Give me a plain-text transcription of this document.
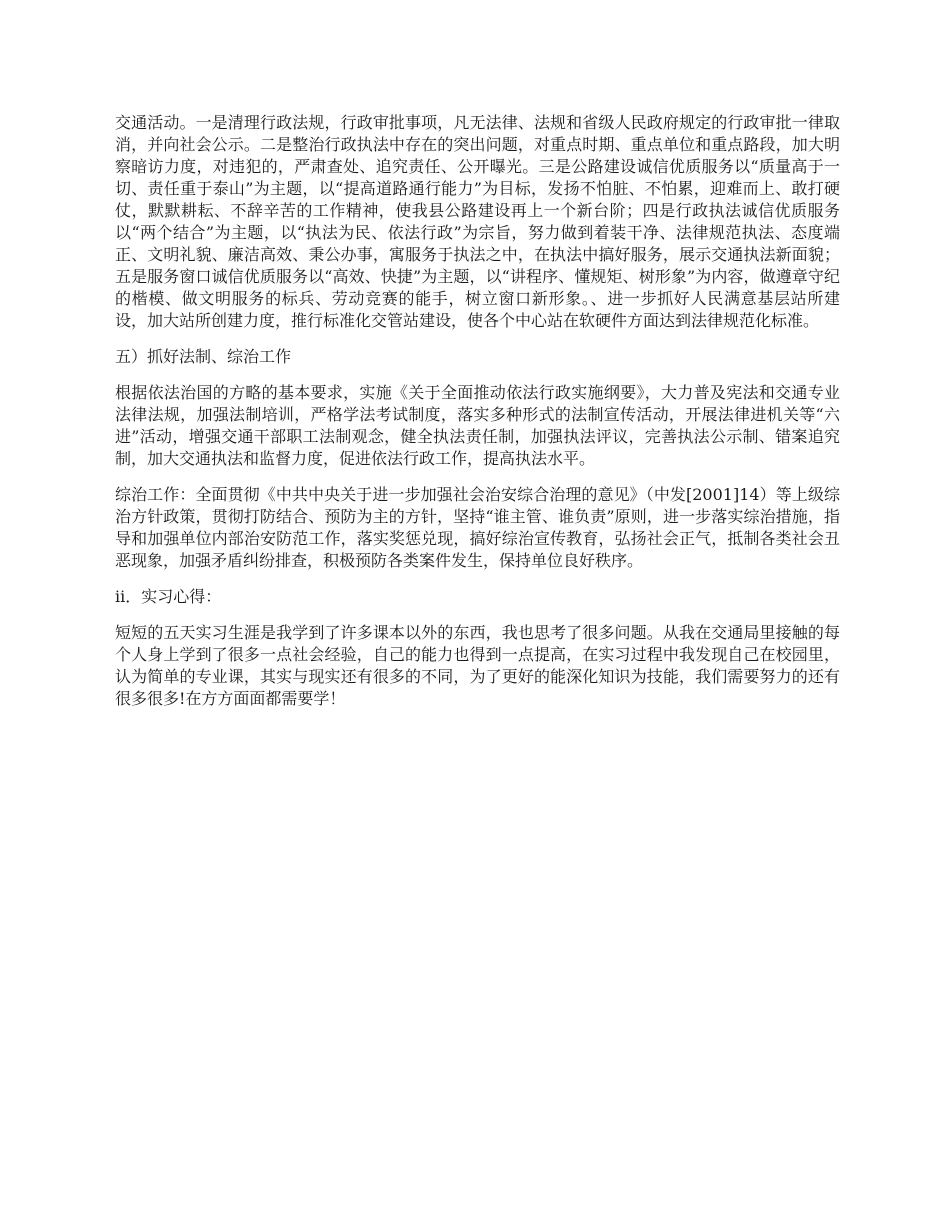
交通活动。一是清理行政法规，行政审批事项，凡无法律、法规和省级人民政府规定的行政审批一律取消，并向社会公示。二是整治行政执法中存在的突出问题，对重点时期、重点单位和重点路段，加大明察暗访力度，对违犯的，严肃查处、追究责任、公开曝光。三是公路建设诚信优质服务以“质量高于一切、责任重于泰山”为主题，以“提高道路通行能力”为目标，发扬不怕脏、不怕累，迎难而上、敢打硬仗，默默耕耘、不辞辛苦的工作精神，使我县公路建设再上一个新台阶；四是行政执法诚信优质服务以“两个结合”为主题，以“执法为民、依法行政”为宗旨，努力做到着装干净、法律规范执法、态度端正、文明礼貌、廉洁高效、秉公办事，寓服务于执法之中，在执法中搞好服务，展示交通执法新面貌；五是服务窗口诚信优质服务以“高效、快捷”为主题，以“讲程序、懂规矩、树形象”为内容，做遵章守纪的楷模、做文明服务的标兵、劳动竞赛的能手，树立窗口新形象。、进一步抓好人民满意基层站所建设，加大站所创建力度，推行标准化交管站建设，使各个中心站在软硬件方面达到法律规范化标准。

五）抓好法制、综治工作

根据依法治国的方略的基本要求，实施《关于全面推动依法行政实施纲要》，大力普及宪法和交通专业法律法规，加强法制培训，严格学法考试制度，落实多种形式的法制宣传活动，开展法律进机关等“六进”活动，增强交通干部职工法制观念，健全执法责任制，加强执法评议，完善执法公示制、错案追究制，加大交通执法和监督力度，促进依法行政工作，提高执法水平。

综治工作：全面贯彻《中共中央关于进一步加强社会治安综合治理的意见》（中发[2001]14）等上级综治方针政策，贯彻打防结合、预防为主的方针，坚持“谁主管、谁负责”原则，进一步落实综治措施，指导和加强单位内部治安防范工作，落实奖惩兑现，搞好综治宣传教育，弘扬社会正气，抵制各类社会丑恶现象，加强矛盾纠纷排查，积极预防各类案件发生，保持单位良好秩序。

ii．实习心得：

短短的五天实习生涯是我学到了许多课本以外的东西，我也思考了很多问题。从我在交通局里接触的每个人身上学到了很多一点社会经验，自己的能力也得到一点提高，在实习过程中我发现自己在校园里，认为简单的专业课，其实与现实还有很多的不同，为了更好的能深化知识为技能，我们需要努力的还有很多很多!在方方面面都需要学！
